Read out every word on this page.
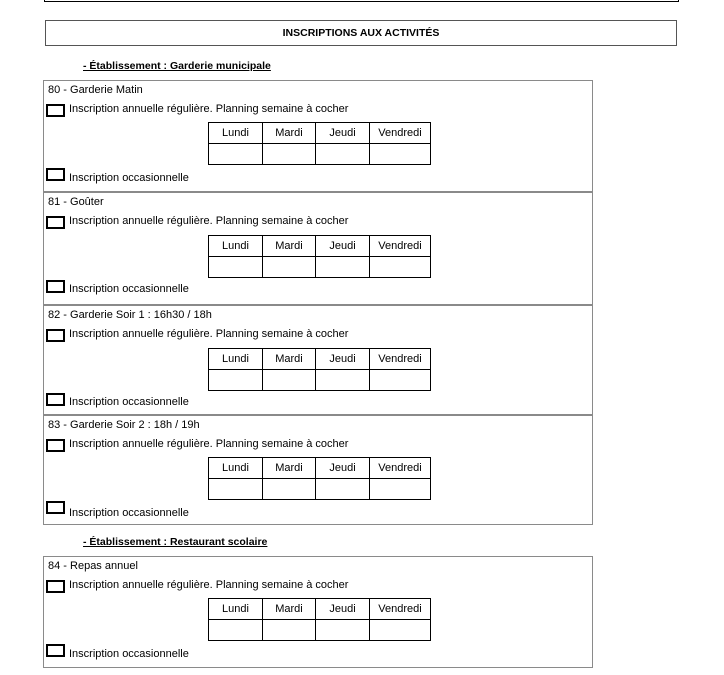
INSCRIPTIONS AUX ACTIVITÉS
- Établissement : Garderie municipale
80 - Garderie Matin
Inscription annuelle régulière. Planning semaine à cocher
Lundi	Mardi	Jeudi	Vendredi

Inscription occasionnelle
81 - Goûter
Inscription annuelle régulière. Planning semaine à cocher
Lundi	Mardi	Jeudi	Vendredi

Inscription occasionnelle
82 - Garderie Soir 1 : 16h30 / 18h
Inscription annuelle régulière. Planning semaine à cocher
Lundi	Mardi	Jeudi	Vendredi

Inscription occasionnelle
83 - Garderie Soir 2 : 18h / 19h
Inscription annuelle régulière. Planning semaine à cocher
Lundi	Mardi	Jeudi	Vendredi

Inscription occasionnelle
- Établissement : Restaurant scolaire
84 - Repas annuel
Inscription annuelle régulière. Planning semaine à cocher
Lundi	Mardi	Jeudi	Vendredi

Inscription occasionnelle
